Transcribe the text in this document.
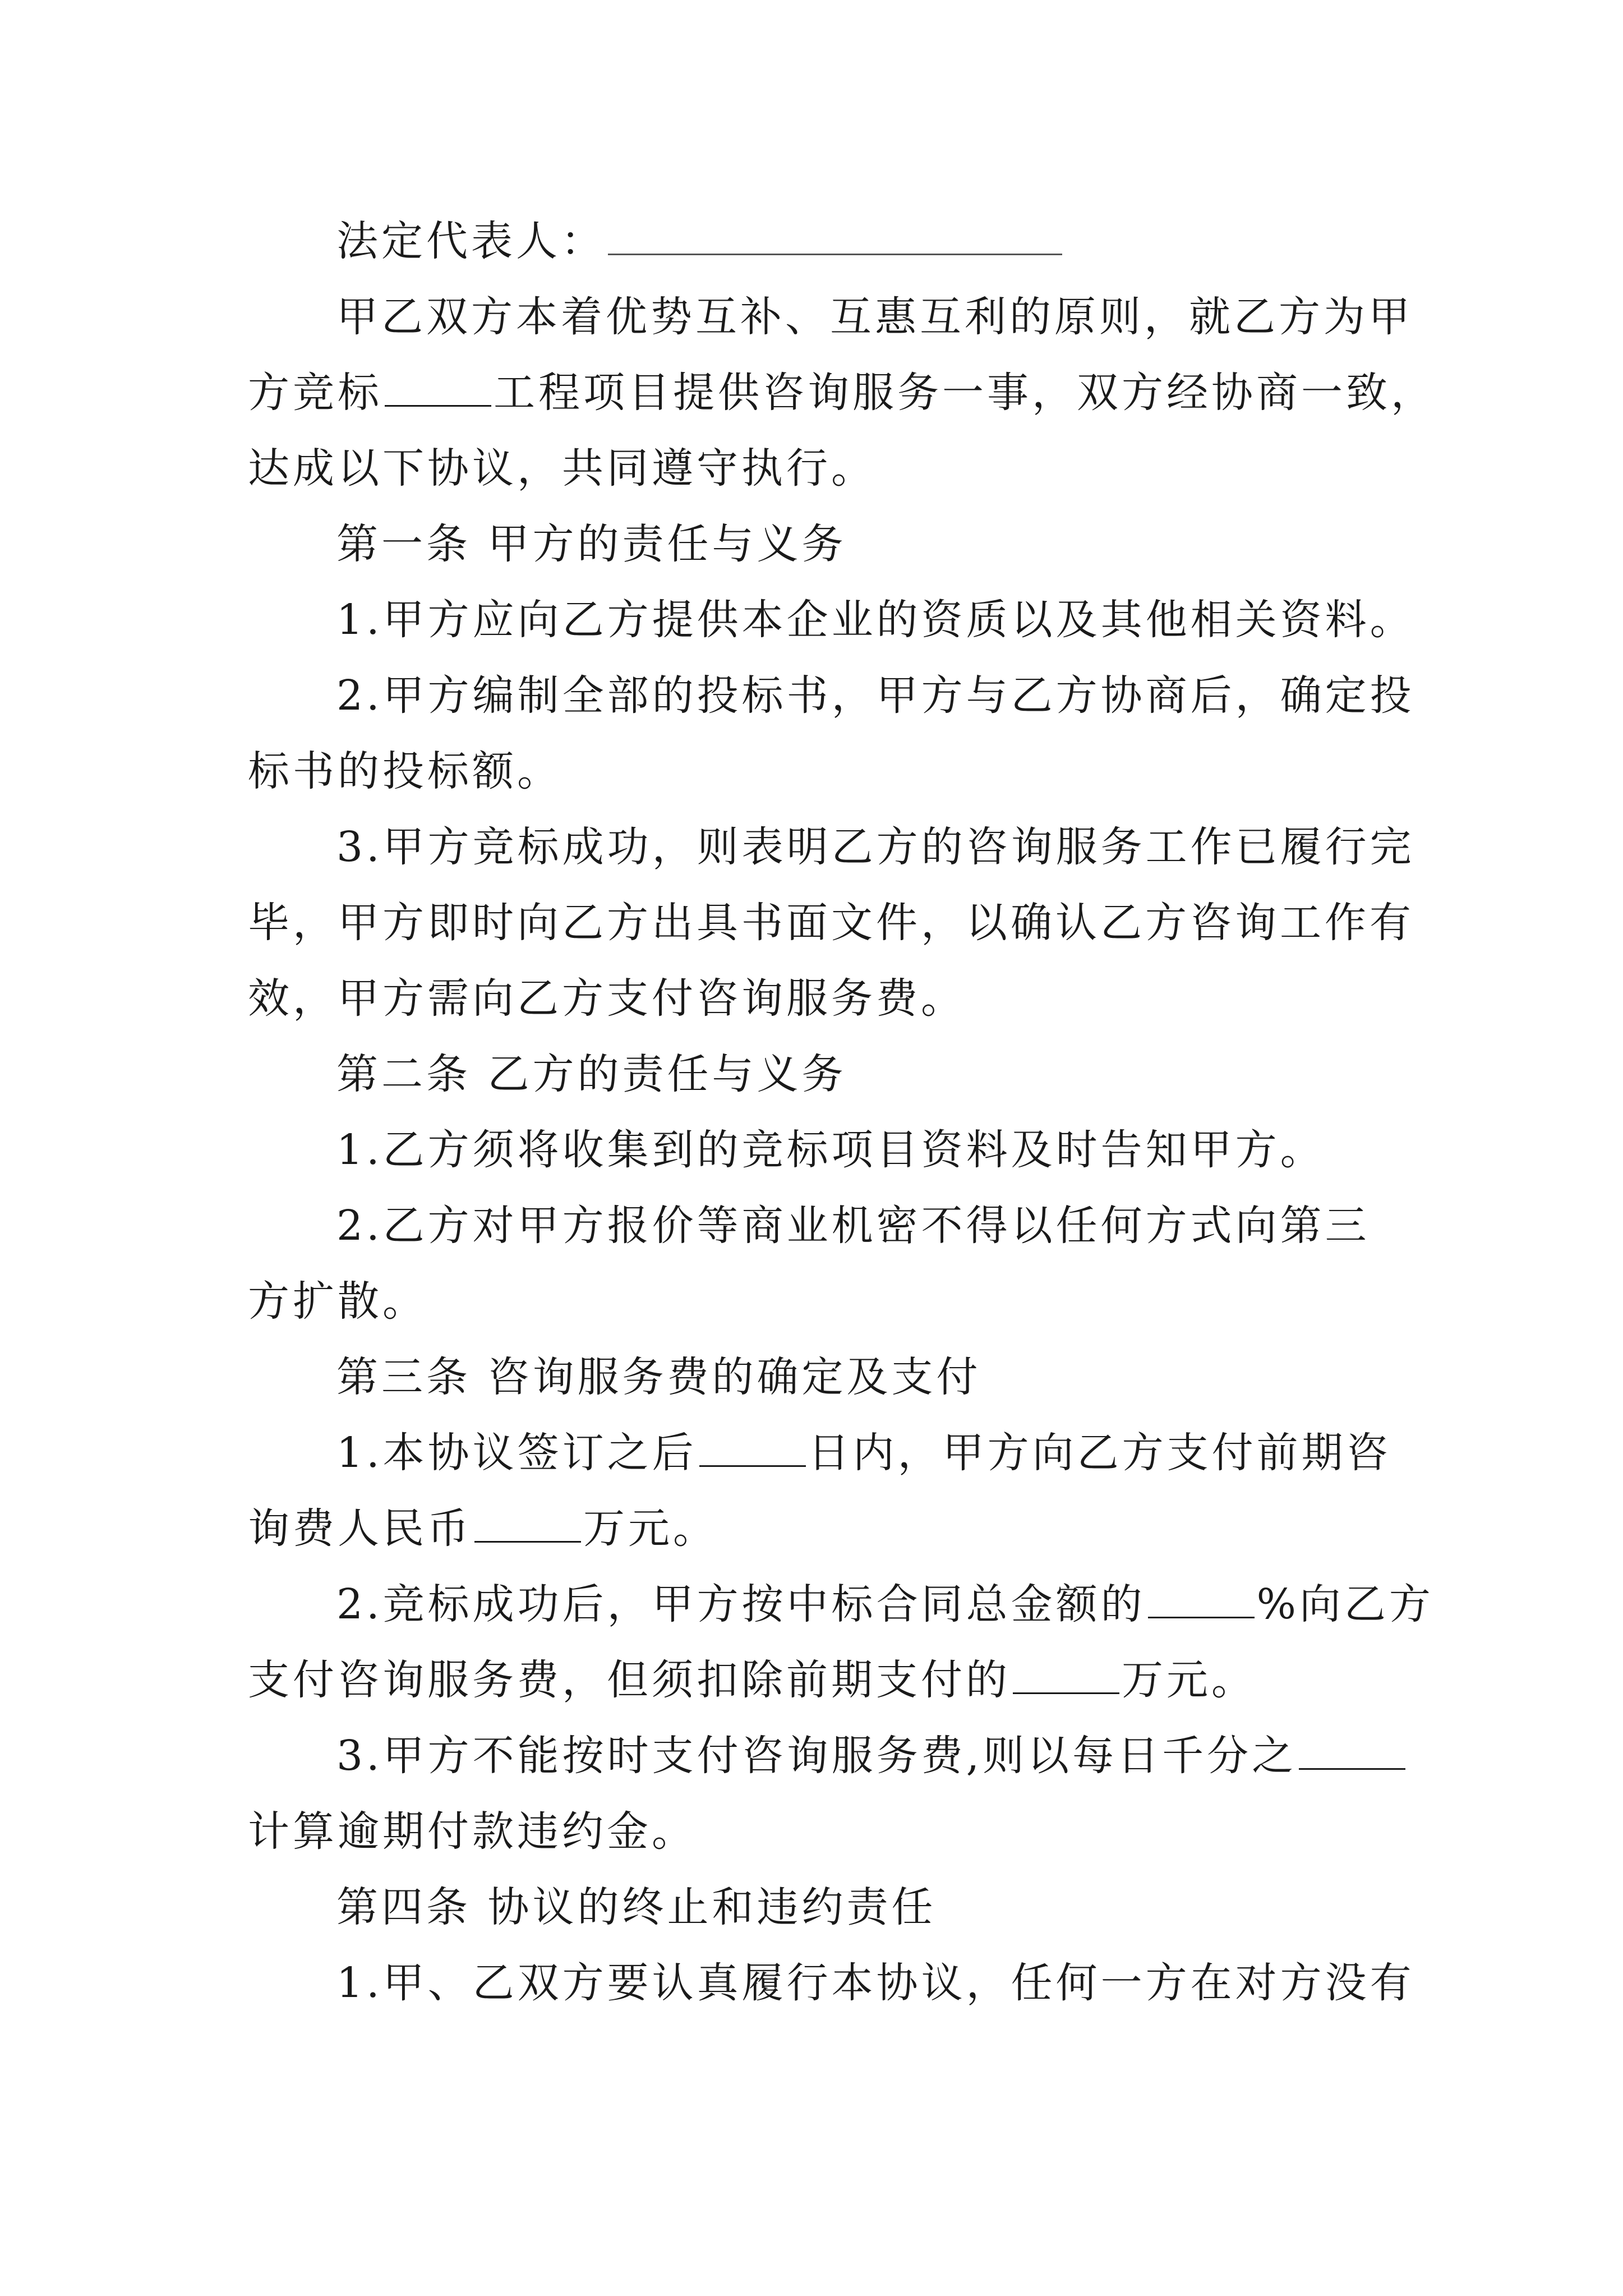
法定代表人：
甲乙双方本着优势互补、互惠互利的原则，就乙方为甲
方竞标	工程项目提供咨询服务一事，双方经协商一致，
达成以下协议，共同遵守执行。
第一条 甲方的责任与义务
1.甲方应向乙方提供本企业的资质以及其他相关资料。
2.甲方编制全部的投标书，甲方与乙方协商后，确定投
标书的投标额。
3.甲方竞标成功，则表明乙方的咨询服务工作已履行完
毕，甲方即时向乙方出具书面文件，以确认乙方咨询工作有
效，甲方需向乙方支付咨询服务费。
第二条 乙方的责任与义务
1.乙方须将收集到的竞标项目资料及时告知甲方。
2.乙方对甲方报价等商业机密不得以任何方式向第三
方扩散。
第三条 咨询服务费的确定及支付
1.本协议签订之后	日内，甲方向乙方支付前期咨
询费人民币	万元。
2.竞标成功后，甲方按中标合同总金额的	%向乙方
支付咨询服务费，但须扣除前期支付的	万元。
3.甲方不能按时支付咨询服务费,则以每日千分之
计算逾期付款违约金。
第四条 协议的终止和违约责任
1.甲、乙双方要认真履行本协议，任何一方在对方没有
